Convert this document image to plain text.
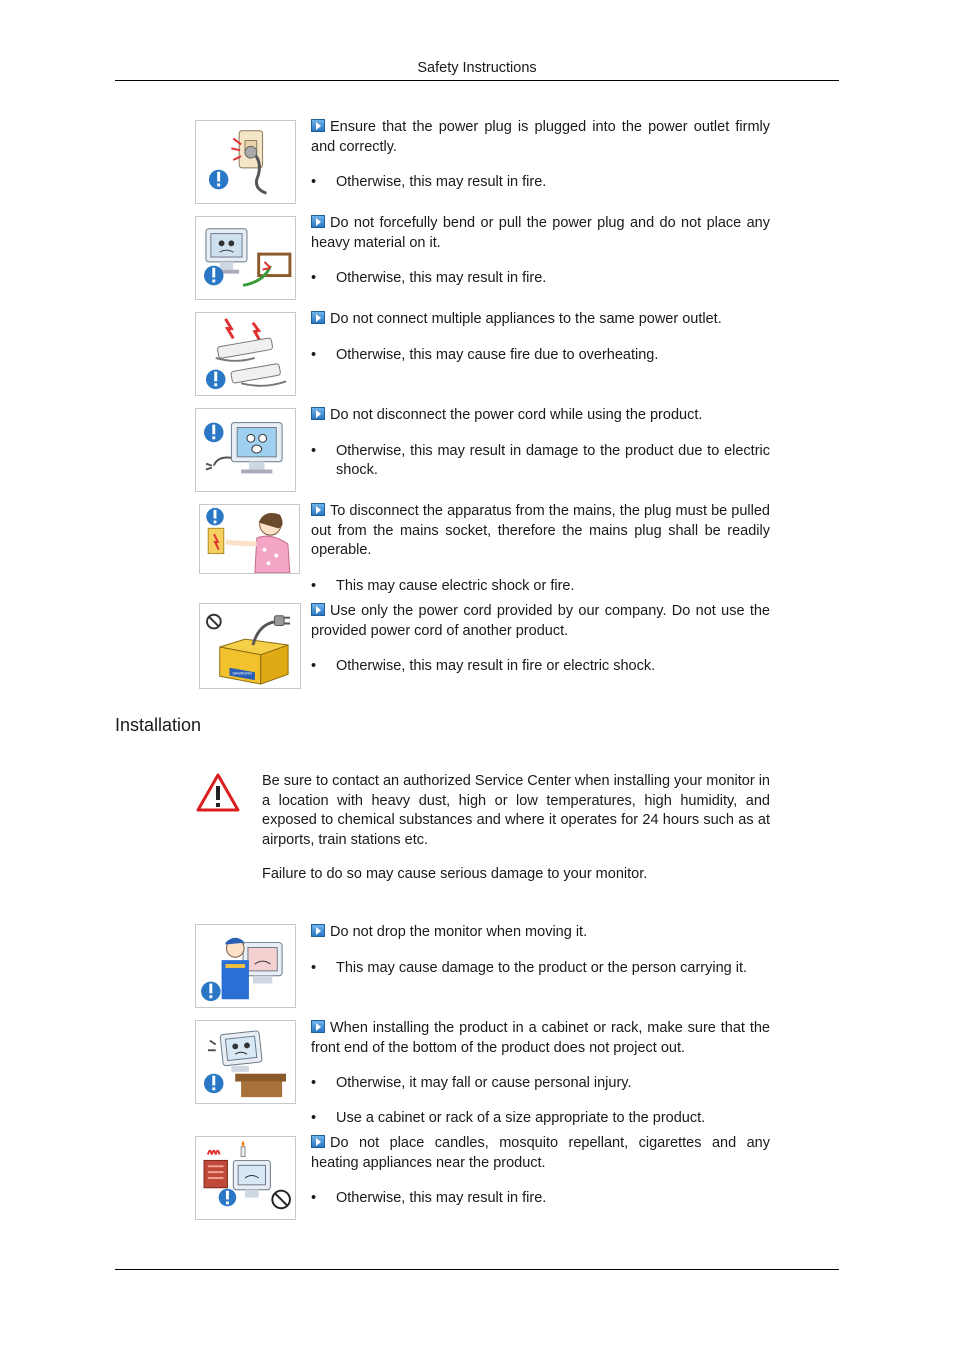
Safety Instructions

Ensure that the power plug is plugged into the power outlet firmly and correctly.

• Otherwise, this may result in fire.

Do not forcefully bend or pull the power plug and do not place any heavy material on it.

• Otherwise, this may result in fire.

Do not connect multiple appliances to the same power outlet.

• Otherwise, this may cause fire due to overheating.

Do not disconnect the power cord while using the product.

• Otherwise, this may result in damage to the product due to electric shock.

To disconnect the apparatus from the mains, the plug must be pulled out from the mains socket, therefore the mains plug shall be readily operable.

• This may cause electric shock or fire.

SAMSUNG

Use only the power cord provided by our company. Do not use the provided power cord of another product.

• Otherwise, this may result in fire or electric shock.

Installation

Be sure to contact an authorized Service Center when installing your monitor in a location with heavy dust, high or low temperatures, high humidity, and exposed to chemical substances and where it operates for 24 hours such as at airports, train stations etc.

Failure to do so may cause serious damage to your monitor.

Do not drop the monitor when moving it.

• This may cause damage to the product or the person carrying it.

When installing the product in a cabinet or rack, make sure that the front end of the bottom of the product does not project out.

• Otherwise, it may fall or cause personal injury.

• Use a cabinet or rack of a size appropriate to the product.

Do not place candles, mosquito repellant, cigarettes and any heating appliances near the product.

• Otherwise, this may result in fire.
